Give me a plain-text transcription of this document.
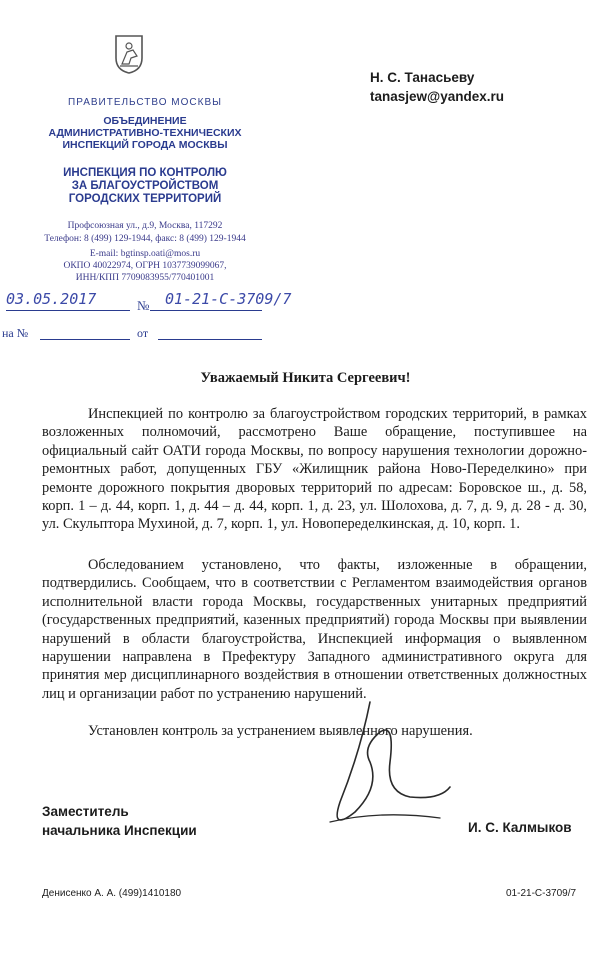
ПРАВИТЕЛЬСТВО МОСКВЫ
ОБЪЕДИНЕНИЕ
АДМИНИСТРАТИВНО-ТЕХНИЧЕСКИХ
ИНСПЕКЦИЙ ГОРОДА МОСКВЫ
ИНСПЕКЦИЯ ПО КОНТРОЛЮ
ЗА БЛАГОУСТРОЙСТВОМ
ГОРОДСКИХ ТЕРРИТОРИЙ
Профсоюзная ул., д.9, Москва, 117292
Телефон: 8 (499) 129-1944, факс: 8 (499) 129-1944
E-mail: bgtinsp.oati@mos.ru
ОКПО 40022974, ОГРН 1037739099067,
ИНН/КПП 7709083955/770401001
03.05.2017	№ 01-21-С-3709/7
на №	от
Н. С. Танасьеву
tanasjew@yandex.ru
Уважаемый Никита Сергеевич!

Инспекцией по контролю за благоустройством городских территорий, в рамках возложенных полномочий, рассмотрено Ваше обращение, поступившее на официальный сайт ОАТИ города Москвы, по вопросу нарушения технологии дорожно-ремонтных работ, допущенных ГБУ «Жилищник района Ново-Переделкино» при ремонте дорожного покрытия дворовых территорий по адресам: Боровское ш., д. 58, корп. 1 – д. 44, корп. 1, д. 44 – д. 44, корп. 1, д. 23, ул. Шолохова, д. 7, д. 9, д. 28 - д. 30, ул. Скульптора Мухиной, д. 7, корп. 1, ул. Новопеределкинская, д. 10, корп. 1.

Обследованием установлено, что факты, изложенные в обращении, подтвердились. Сообщаем, что в соответствии с Регламентом взаимодействия органов исполнительной власти города Москвы, государственных унитарных предприятий (государственных предприятий, казенных предприятий) города Москвы при выявлении нарушений в области благоустройства, Инспекцией информация о выявленном нарушении направлена в Префектуру Западного административного округа для принятия мер дисциплинарного воздействия в отношении ответственных должностных лиц и организации работ по устранению нарушений.

Установлен контроль за устранением выявленного нарушения.

Заместитель
начальника Инспекции	И. С. Калмыков
Денисенко А. А. (499)1410180	01-21-С-3709/7
